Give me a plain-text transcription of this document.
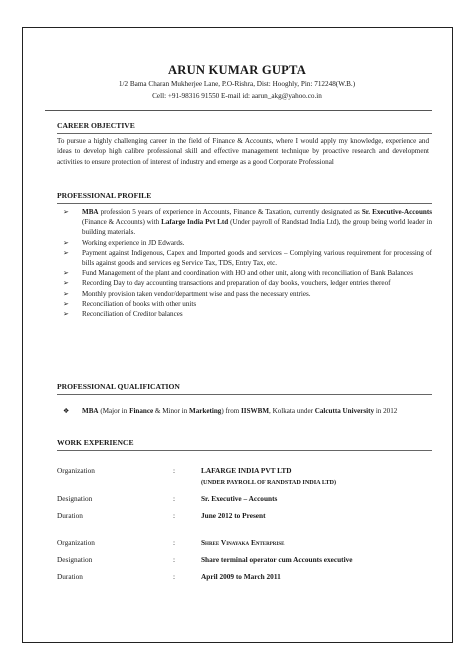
ARUN KUMAR GUPTA
1/2 Bama Charan Mukherjee Lane, P.O-Rishra, Dist: Hooghly, Pin: 712248(W.B.)
Cell: +91-98316 91550 E-mail id: aarun_akg@yahoo.co.in
CAREER OBJECTIVE
To pursue a highly challenging career in the field of Finance & Accounts, where I would apply my knowledge, experience and ideas to develop high calibre professional skill and effective management technique by proactive research and development activities to ensure protection of interest of industry and emerge as a good Corporate Professional
PROFESSIONAL PROFILE
➢ MBA profession 5 years of experience in Accounts, Finance & Taxation, currently designated as Sr. Executive-Accounts (Finance & Accounts) with Lafarge India Pvt Ltd (Under payroll of Randstad India Ltd), the group being world leader in building materials.
➢ Working experience in JD Edwards.
➢ Payment against Indigenous, Capex and Imported goods and services – Complying various requirement for processing of bills against goods and services eg Service Tax, TDS, Entry Tax, etc.
➢ Fund Management of the plant and coordination with HO and other unit, along with reconciliation of Bank Balances
➢ Recording Day to day accounting transactions and preparation of day books, vouchers, ledger entries thereof
➢ Monthly provision taken vendor/department wise and pass the necessary entries.
➢ Reconciliation of books with other units
➢ Reconciliation of Creditor balances
PROFESSIONAL QUALIFICATION
❖	MBA (Major in Finance & Minor in Marketing) from IISWBM, Kolkata under Calcutta University in 2012
WORK EXPERIENCE
Organization	:	LAFARGE INDIA PVT LTD
(UNDER PAYROLL OF RANDSTAD INDIA LTD)
Designation	:	Sr. Executive – Accounts
Duration	:	June 2012 to Present
Organization	:	Shree Vinayaka Enterprise
Designation	:	Share terminal operator cum Accounts executive
Duration	:	April 2009 to March 2011
